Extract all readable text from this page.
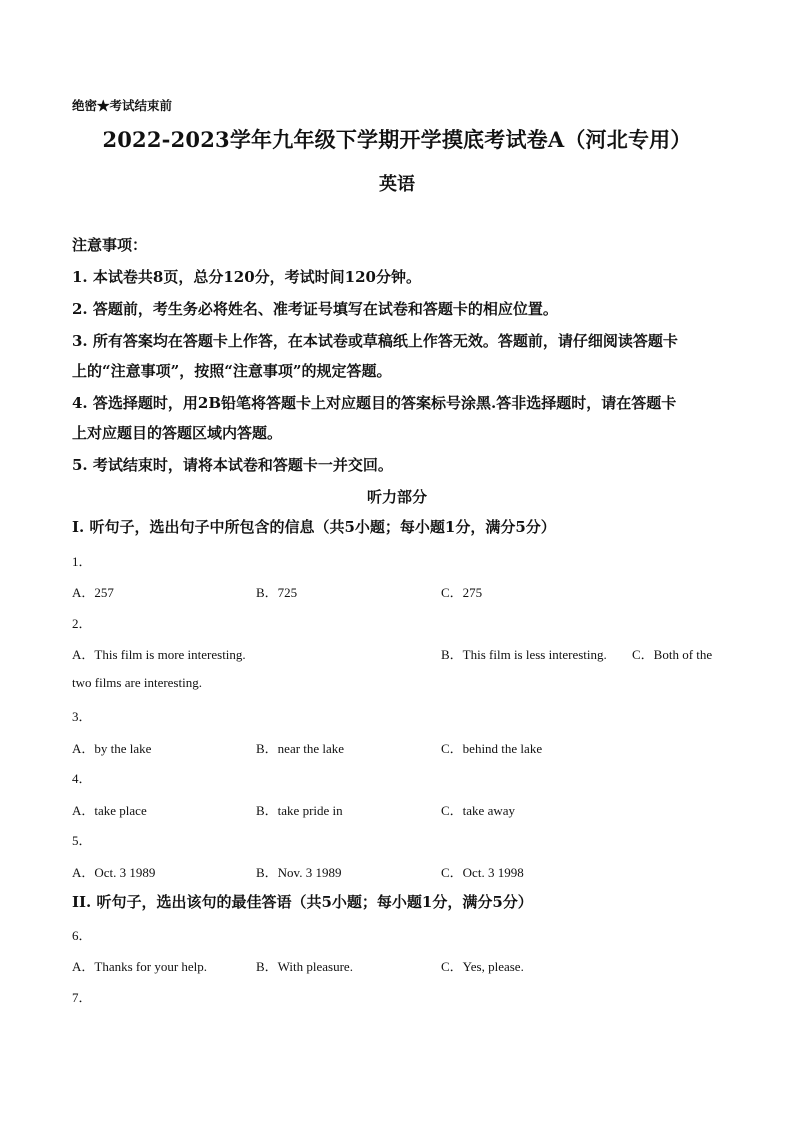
绝密★考试结束前
2022-2023学年九年级下学期开学摸底考试卷A（河北专用）
英语
注意事项：
1. 本试卷共8页，总分120分，考试时间120分钟。
2. 答题前，考生务必将姓名、准考证号填写在试卷和答题卡的相应位置。
3. 所有答案均在答题卡上作答，在本试卷或草稿纸上作答无效。答题前，请仔细阅读答题卡
上的“注意事项”，按照“注意事项”的规定答题。
4. 答选择题时，用2B铅笔将答题卡上对应题目的答案标号涂黑.答非选择题时，请在答题卡
上对应题目的答题区域内答题。
5. 考试结束时，请将本试卷和答题卡一并交回。
听力部分
Ⅰ. 听句子，选出句子中所包含的信息（共5小题；每小题1分，满分5分）
1．
A．257	B．725	C．275
2．
A．This film is more interesting.	B．This film is less interesting. C．Both of the
two films are interesting.
3．
A．by the lake	B．near the lake	C．behind the lake
4．
A．take place	B．take pride in	C．take away
5．
A．Oct. 3 1989	B．Nov. 3 1989	C．Oct. 3 1998
II. 听句子，选出该句的最佳答语（共5小题；每小题1分，满分5分）
6．
A．Thanks for your help.	B．With pleasure.	C．Yes, please.
7．
